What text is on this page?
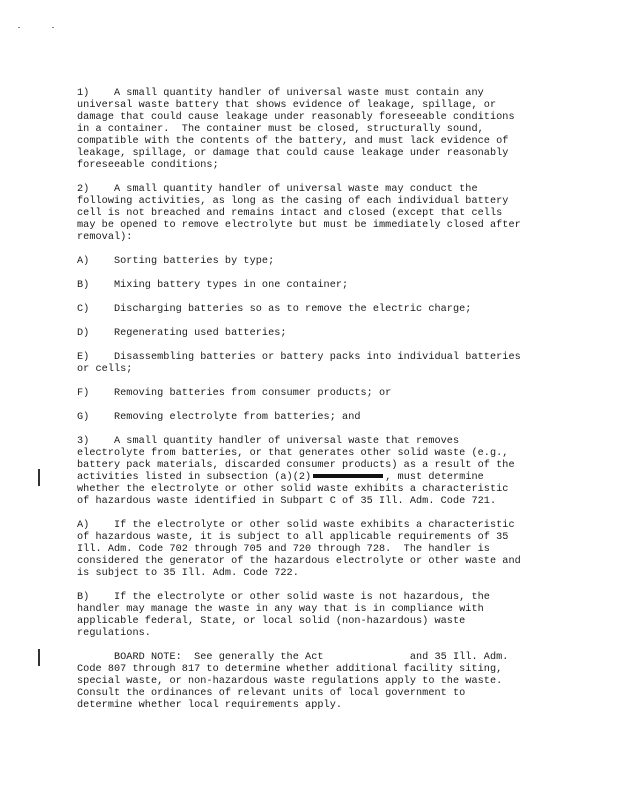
1)    A small quantity handler of universal waste must contain any
universal waste battery that shows evidence of leakage, spillage, or
damage that could cause leakage under reasonably foreseeable conditions
in a container.  The container must be closed, structurally sound,
compatible with the contents of the battery, and must lack evidence of
leakage, spillage, or damage that could cause leakage under reasonably
foreseeable conditions;

2)    A small quantity handler of universal waste may conduct the
following activities, as long as the casing of each individual battery
cell is not breached and remains intact and closed (except that cells
may be opened to remove electrolyte but must be immediately closed after
removal):

A)    Sorting batteries by type;

B)    Mixing battery types in one container;

C)    Discharging batteries so as to remove the electric charge;

D)    Regenerating used batteries;

E)    Disassembling batteries or battery packs into individual batteries
or cells;

F)    Removing batteries from consumer products; or

G)    Removing electrolyte from batteries; and

3)    A small quantity handler of universal waste that removes
electrolyte from batteries, or that generates other solid waste (e.g.,
battery pack materials, discarded consumer products) as a result of the

activities listed in subsection (a)(2)	, must determine

whether the electrolyte or other solid waste exhibits a characteristic
of hazardous waste identified in Subpart C of 35 Ill. Adm. Code 721.

A)    If the electrolyte or other solid waste exhibits a characteristic
of hazardous waste, it is subject to all applicable requirements of 35
Ill. Adm. Code 702 through 705 and 720 through 728.  The handler is
considered the generator of the hazardous electrolyte or other waste and
is subject to 35 Ill. Adm. Code 722.

B)    If the electrolyte or other solid waste is not hazardous, the
handler may manage the waste in any way that is in compliance with
applicable federal, State, or local solid (non-hazardous) waste
regulations.

BOARD NOTE:  See generally the Act              and 35 Ill. Adm.
Code 807 through 817 to determine whether additional facility siting,
special waste, or non-hazardous waste regulations apply to the waste.
Consult the ordinances of relevant units of local government to
determine whether local requirements apply.
